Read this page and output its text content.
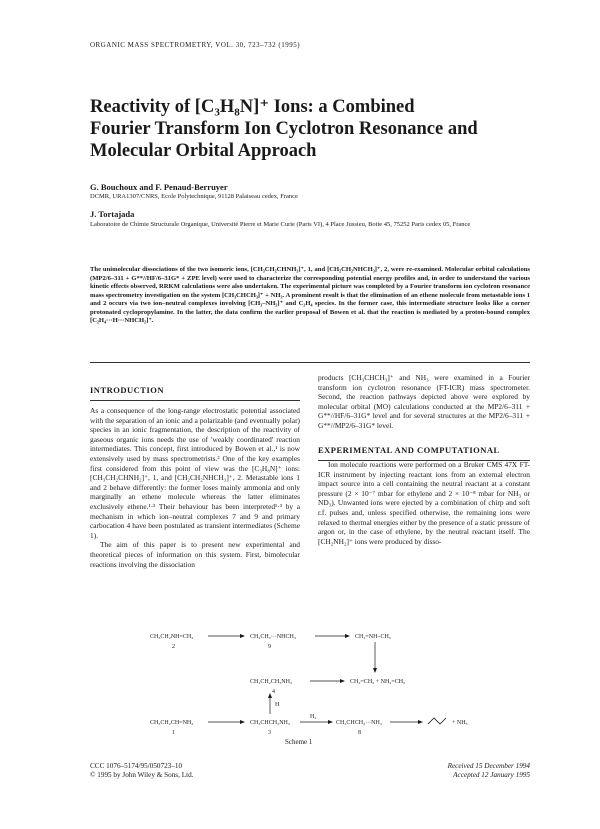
ORGANIC MASS SPECTROMETRY, VOL. 30, 723–732 (1995)
Reactivity of [C₃H₈N]⁺ Ions: a Combined
Fourier Transform Ion Cyclotron Resonance and
Molecular Orbital Approach
G. Bouchoux and F. Penaud-Berruyer
DCMR, URA1307/CNRS, Ecole Polytechnique, 91128 Palaiseau cedex, France
J. Tortajada
Laboratoire de Chimie Structurale Organique, Université Pierre et Marie Curie (Paris VI), 4 Place Jussieu, Boite 45, 75252 Paris cedex 05, France
The unimolecular dissociations of the two isomeric ions, [CH₃CH₂CHNH₂]⁺, 1, and [CH₂CH₂NHCH₃]⁺, 2, were re-examined. Molecular orbital calculations (MP2/6–311 + G**//HF/6–31G* + ZPE level) were used to characterize the corresponding potential energy profiles and, in order to understand the various kinetic effects observed, RRKM calculations were also undertaken. The experimental picture was completed by a Fourier transform ion cyclotron resonance mass spectrometry investigation on the system [CH₃CHCH₃]⁺ + NH₃. A prominent result is that the elimination of an ethene molecule from metastable ions 1 and 2 occurs via two ion–neutral complexes involving [CH₃–NH₂]⁺ and C₂H₄ species. In the former case, this intermediate structure looks like a corner protonated cyclopropylamine. In the latter, the data confirm the earlier proposal of Bowen et al. that the reaction is mediated by a proton-bound complex [C₂H₄···H···NHCH₂]⁺.
INTRODUCTION

As a consequence of the long-range electrostatic potential associated with the separation of an ionic and a polarizable (and eventually polar) species in an ionic fragmentation, the description of the reactivity of gaseous organic ions needs the use of 'weakly coordinated' reaction intermediates. This concept, first introduced by Bowen et al.,¹ is now extensively used by mass spectrometrists.² One of the key examples first considered from this point of view was the [C₃H₈N]⁺ ions: [CH₃CH₂CHNH₂]⁺, 1, and [CH₂CH₂NHCH₃]⁺, 2. Metastable ions 1 and 2 behave differently: the former loses mainly ammonia and only marginally an ethene molecule whereas the latter eliminates exclusively ethene.¹·³ Their behaviour has been interpreted¹·³ by a mechanism in which ion–neutral complexes 7 and 9 and primary carbocation 4 have been postulated as transient intermediates (Scheme 1).

The aim of this paper is to present new experimental and theoretical pieces of information on this system. First, bimolecular reactions involving the dissociation

products [CH₃CHCH₃]⁺ and NH₃ were examined in a Fourier transform ion cyclotron resonance (FT-ICR) mass spectrometer. Second, the reaction pathways depicted above were explored by molecular orbital (MO) calculations conducted at the MP2/6–311 + G**//HF/6–31G* level and for several structures at the MP2/6–311 + G**//MP2/6–31G* level.

EXPERIMENTAL AND COMPUTATIONAL

Ion molecule reactions were performed on a Bruker CMS 47X FT-ICR instrument by injecting reactant ions from an external electron impact source into a cell containing the neutral reactant at a constant pressure (2 × 10⁻⁷ mbar for ethylene and 2 × 10⁻⁸ mbar for NH₃ or ND₃). Unwanted ions were ejected by a combination of chirp and soft r.f. pulses and, unless specified otherwise, the remaining ions were relaxed to thermal energies either by the presence of a static pressure of argon or, in the case of ethylene, by the neutral reactant itself. The [CH₂NH₂]⁺ ions were produced by disso-

CH₃CH₂NH=CH₂
2
CH₂CH₂···NHCH₃
9
CH₂=NH–CH₃
CH₂CH₂CH₂NH₂
4
CH₂=CH₂ + NH₂=CH₂
H
CH₃CH₂CH=NH₂
1
CH₃CHCH₂NH₂
3
H₂
CH₃CHCH₂···NH₃
8
+ NH₃
Scheme 1
CCC 1076–5174/95/050723–10
© 1995 by John Wiley & Sons, Ltd.
Received 15 December 1994
Accepted 12 January 1995
